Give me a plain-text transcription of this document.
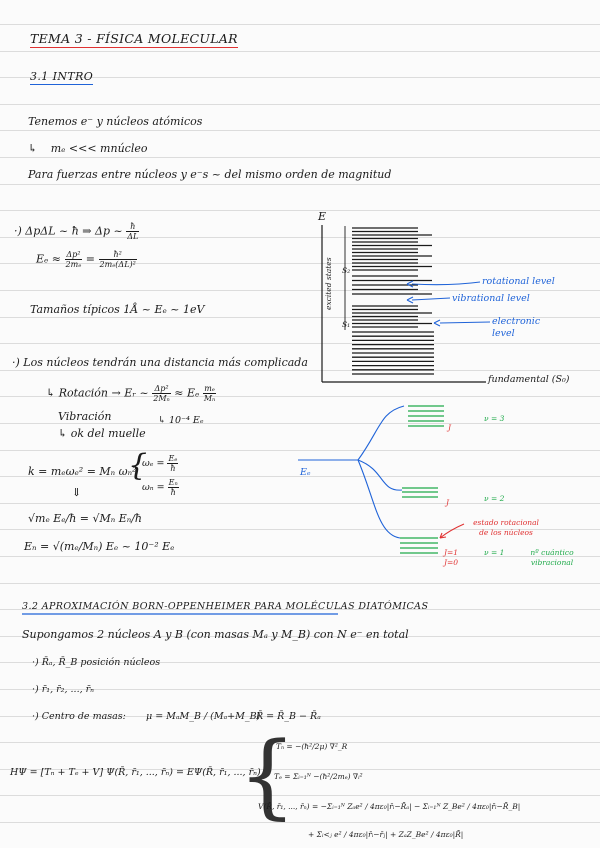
TEMA 3 - FÍSICA MOLECULAR
3.1 INTRO
Tenemos e⁻ y núcleos atómicos
↳ mₑ <<< mnúcleo
Para fuerzas entre núcleos y e⁻s ~ del mismo orden de magnitud
·) ΔpΔL ~ ħ ⇒ Δp ~ $\frac{ħ}{\Delta L}$
$E_e \approx \frac{\text{Δp²}}{\text{2mₑ}} = \frac{\text{ħ²}}{\text{2mₑ(ΔL)²}}$
Tamaños típicos 1Å ~ Eₑ ~ 1eV
·) Los núcleos tendrán una distancia más complicada
↳ Rotación → Eᵣ ~ $\frac{\text{Δp²}}{\text{2Mₙ}} \approx E_e \frac{\text{mₑ}}{\text{Mₙ}}$
↳ 10⁻⁴ Eₑ
Vibración
↳ ok del muelle
k = mₑωₑ² = Mₙ ωₙ²
{
$\omega_e = \frac{\text{Eₑ}}{ħ}$
$\omega_n = \frac{\text{Eₙ}}{ħ}$
⇓
√mₑ Eₑ/ħ = √Mₙ Eₙ/ħ
Eₙ = √(mₑ/Mₙ) Eₑ ~ 10⁻² Eₑ
E
excited states	S₂
S₁
rotational level
vibrational level
electronic level
fundamental (S₀)
Eₑ
ν = 3
ν = 2
ν = 1
J
J
J=1
J=0
estado rotacional de los núcleos
nº cuántico vibracional
3.2 APROXIMACIÓN BORN-OPPENHEIMER PARA MOLÉCULAS DIATÓMICAS
Supongamos 2 núcleos A y B (con masas Mₐ y M_B) con N e⁻ en total
·) R̄ₐ, R̄_B posición núcleos
·) r̄₁, r̄₂, ..., r̄ₙ
·) Centro de masas: μ = MₐM_B / (Mₐ+M_B)
R̄ = R̄_B − R̄ₐ
HΨ = [Tₙ + Tₑ + V] Ψ(R̄, r̄₁, ..., r̄ₙ) = EΨ(R̄, r̄₁, ..., r̄ₙ)
{
Tₙ = −(ħ²/2μ) ∇̄²_R
Tₑ = Σᵢ₌₁ᴺ −(ħ²/2mₑ) ∇̄ᵢ²
V(R̄, r̄₁, ..., r̄ₙ) = −Σᵢ₌₁ᴺ Zₐe² / 4πε₀|r̄ᵢ−R̄ₐ| − Σᵢ₌₁ᴺ Z_Be² / 4πε₀|r̄ᵢ−R̄_B|
+ Σᵢ<ⱼ e² / 4πε₀|r̄ᵢ−r̄ⱼ| + ZₐZ_Be² / 4πε₀|R̄|
